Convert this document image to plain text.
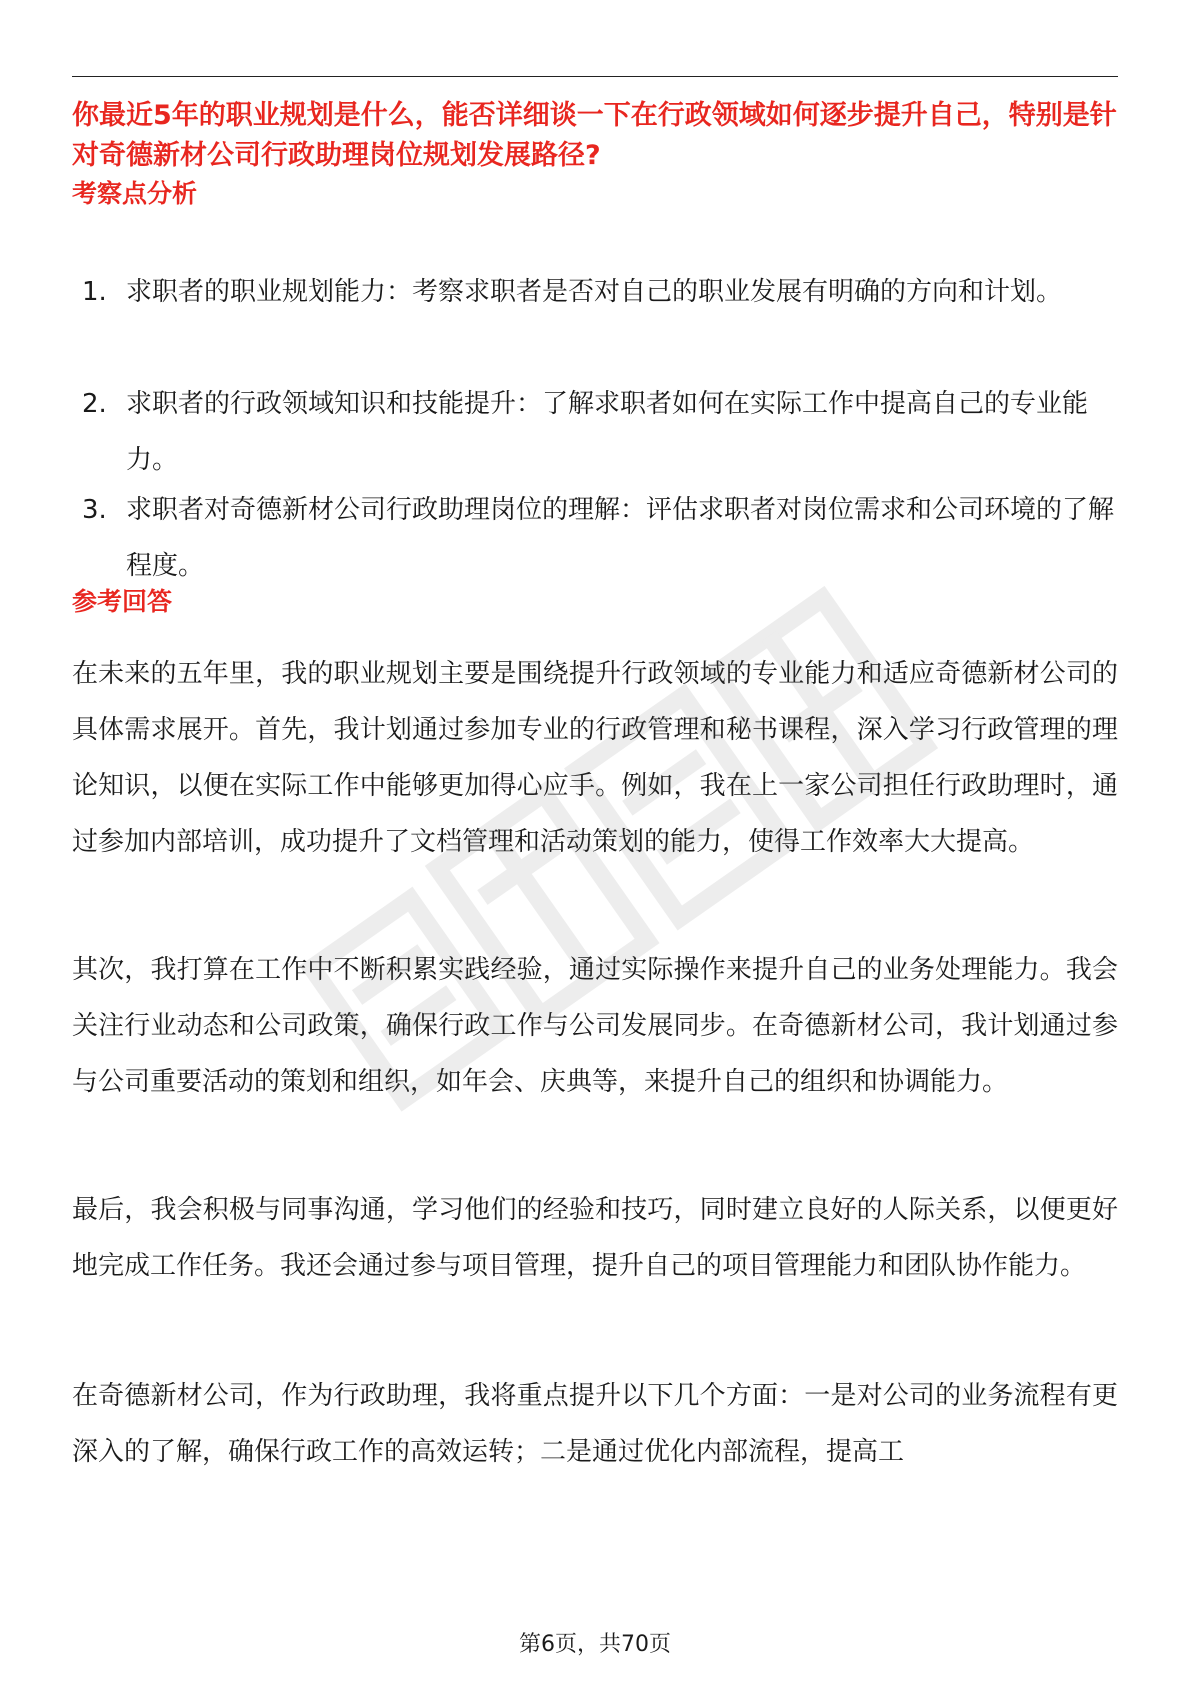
你最近5年的职业规划是什么，能否详细谈一下在行政领域如何逐步提升自己，特别是针对奇德新材公司行政助理岗位规划发展路径?

考察点分析
1. 求职者的职业规划能力：考察求职者是否对自己的职业发展有明确的方向和计划。
2. 求职者的行政领域知识和技能提升：了解求职者如何在实际工作中提高自己的专业能力。
3. 求职者对奇德新材公司行政助理岗位的理解：评估求职者对岗位需求和公司环境的了解程度。
参考回答

在未来的五年里，我的职业规划主要是围绕提升行政领域的专业能力和适应奇德新材公司的具体需求展开。首先，我计划通过参加专业的行政管理和秘书课程，深入学习行政管理的理论知识，以便在实际工作中能够更加得心应手。例如，我在上一家公司担任行政助理时，通过参加内部培训，成功提升了文档管理和活动策划的能力，使得工作效率大大提高。

其次，我打算在工作中不断积累实践经验，通过实际操作来提升自己的业务处理能力。我会关注行业动态和公司政策，确保行政工作与公司发展同步。在奇德新材公司，我计划通过参与公司重要活动的策划和组织，如年会、庆典等，来提升自己的组织和协调能力。

最后，我会积极与同事沟通，学习他们的经验和技巧，同时建立良好的人际关系，以便更好地完成工作任务。我还会通过参与项目管理，提升自己的项目管理能力和团队协作能力。

在奇德新材公司，作为行政助理，我将重点提升以下几个方面：一是对公司的业务流程有更深入的了解，确保行政工作的高效运转；二是通过优化内部流程，提高工

第6页，共70页
